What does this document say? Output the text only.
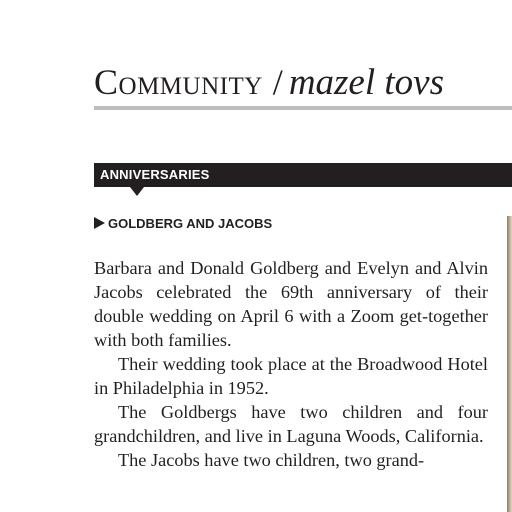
Community / mazel tovs
ANNIVERSARIES
GOLDBERG AND JACOBS

Barbara and Donald Goldberg and Evelyn and Alvin Jacobs celebrated the 69th anniversary of their double wedding on April 6 with a Zoom get-together with both families.

Their wedding took place at the Broadwood Hotel in Philadelphia in 1952.

The Goldbergs have two children and four grandchildren, and live in Laguna Woods, California.

The Jacobs have two children, two grand-
